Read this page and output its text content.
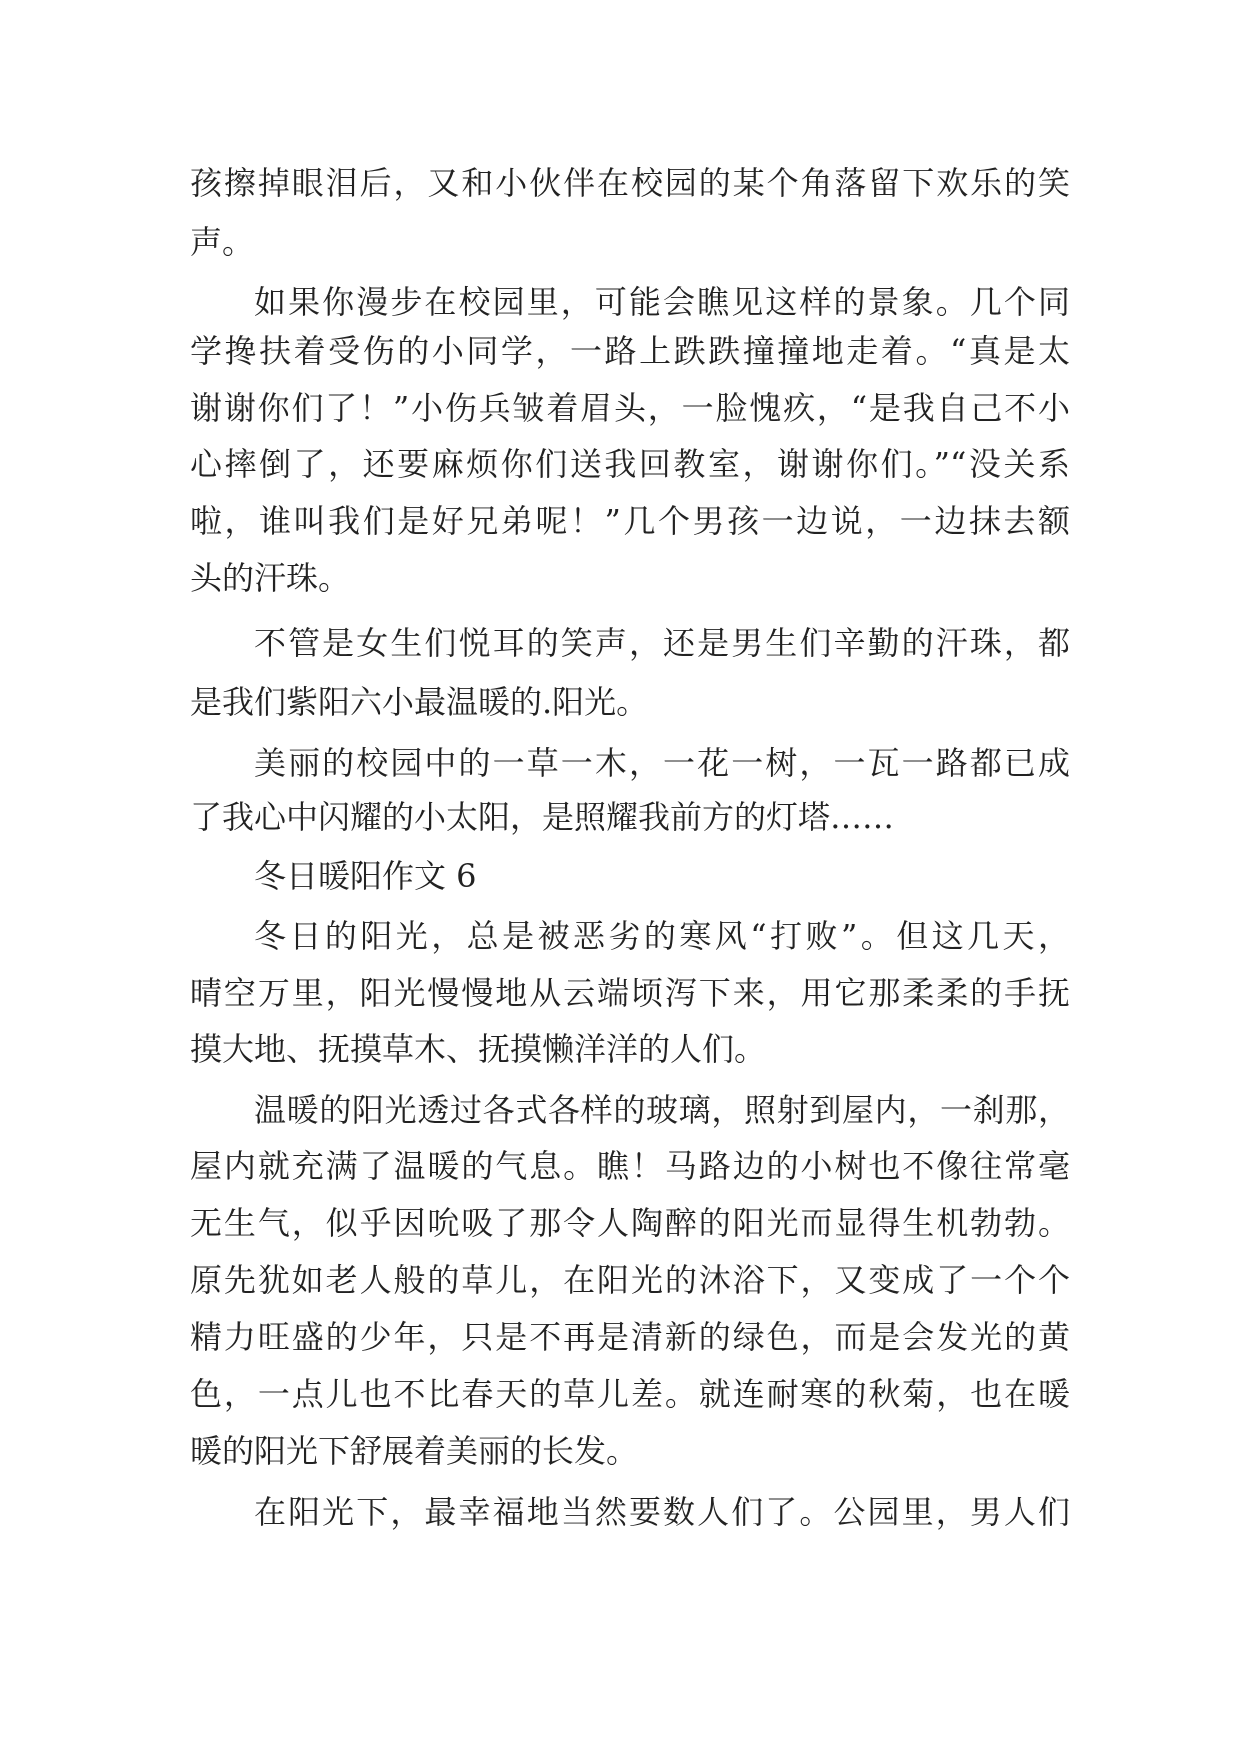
孩擦掉眼泪后，又和小伙伴在校园的某个角落留下欢乐的笑
声。
如果你漫步在校园里，可能会瞧见这样的景象。几个同
学搀扶着受伤的小同学，一路上跌跌撞撞地走着。“真是太
谢谢你们了！”小伤兵皱着眉头，一脸愧疚，“是我自己不小
心摔倒了，还要麻烦你们送我回教室，谢谢你们。”“没关系
啦，谁叫我们是好兄弟呢！”几个男孩一边说，一边抹去额
头的汗珠。
不管是女生们悦耳的笑声，还是男生们辛勤的汗珠，都
是我们紫阳六小最温暖的.阳光。
美丽的校园中的一草一木，一花一树，一瓦一路都已成
了我心中闪耀的小太阳，是照耀我前方的灯塔……
冬日暖阳作文 6
冬日的阳光，总是被恶劣的寒风“打败”。但这几天，
晴空万里，阳光慢慢地从云端顷泻下来，用它那柔柔的手抚
摸大地、抚摸草木、抚摸懒洋洋的人们。
温暖的阳光透过各式各样的玻璃，照射到屋内，一刹那，
屋内就充满了温暖的气息。瞧！马路边的小树也不像往常毫
无生气，似乎因吮吸了那令人陶醉的阳光而显得生机勃勃。
原先犹如老人般的草儿，在阳光的沐浴下，又变成了一个个
精力旺盛的少年，只是不再是清新的绿色，而是会发光的黄
色，一点儿也不比春天的草儿差。就连耐寒的秋菊，也在暖
暖的阳光下舒展着美丽的长发。
在阳光下，最幸福地当然要数人们了。公园里，男人们
